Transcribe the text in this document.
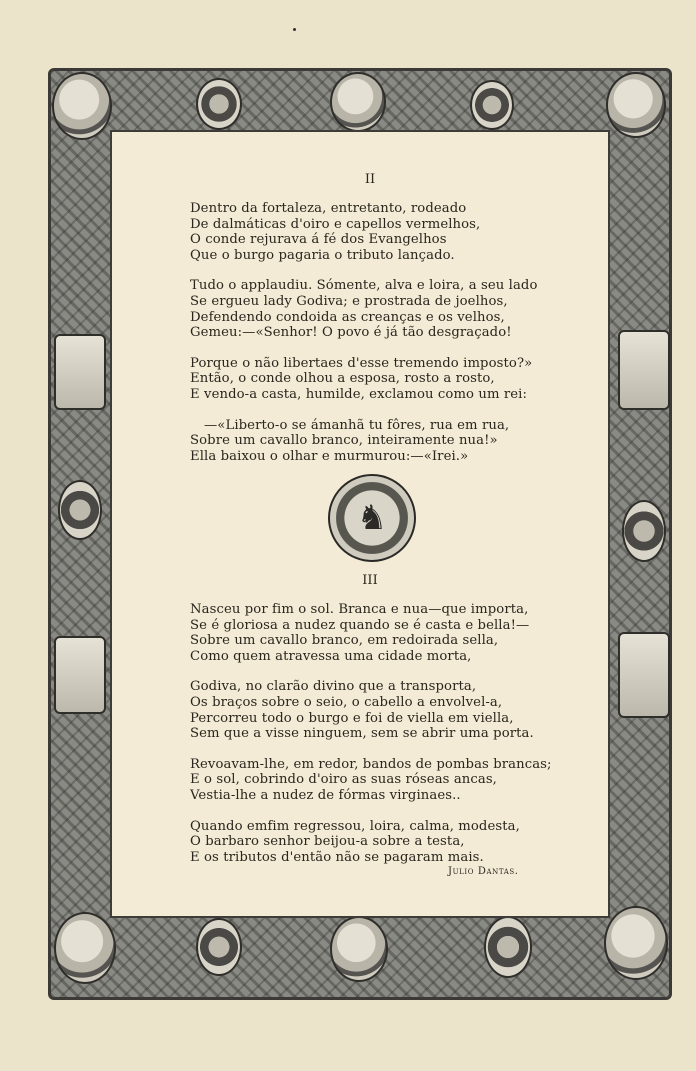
II
Dentro da fortaleza, entretanto, rodeado
De dalmáticas d'oiro e capellos vermelhos,
O conde rejurava á fé dos Evangelhos
Que o burgo pagaria o tributo lançado.
Tudo o applaudiu. Sómente, alva e loira, a seu lado
Se ergueu lady Godiva; e prostrada de joelhos,
Defendendo condoida as creanças e os velhos,
Gemeu:—«Senhor! O povo é já tão desgraçado!
Porque o não libertaes d'esse tremendo imposto?»
Então, o conde olhou a esposa, rosto a rosto,
E vendo-a casta, humilde, exclamou como um rei:
—«Liberto-o se ámanhã tu fôres, rua em rua,
Sobre um cavallo branco, inteiramente nua!»
Ella baixou o olhar e murmurou:—«Irei.»
♞
III
Nasceu por fim o sol. Branca e nua—que importa,
Se é gloriosa a nudez quando se é casta e bella!—
Sobre um cavallo branco, em redoirada sella,
Como quem atravessa uma cidade morta,
Godiva, no clarão divino que a transporta,
Os braços sobre o seio, o cabello a envolvel-a,
Percorreu todo o burgo e foi de viella em viella,
Sem que a visse ninguem, sem se abrir uma porta.
Revoavam-lhe, em redor, bandos de pombas brancas;
E o sol, cobrindo d'oiro as suas róseas ancas,
Vestia-lhe a nudez de fórmas virginaes..
Quando emfim regressou, loira, calma, modesta,
O barbaro senhor beijou-a sobre a testa,
E os tributos d'então não se pagaram mais.
Julio Dantas.
